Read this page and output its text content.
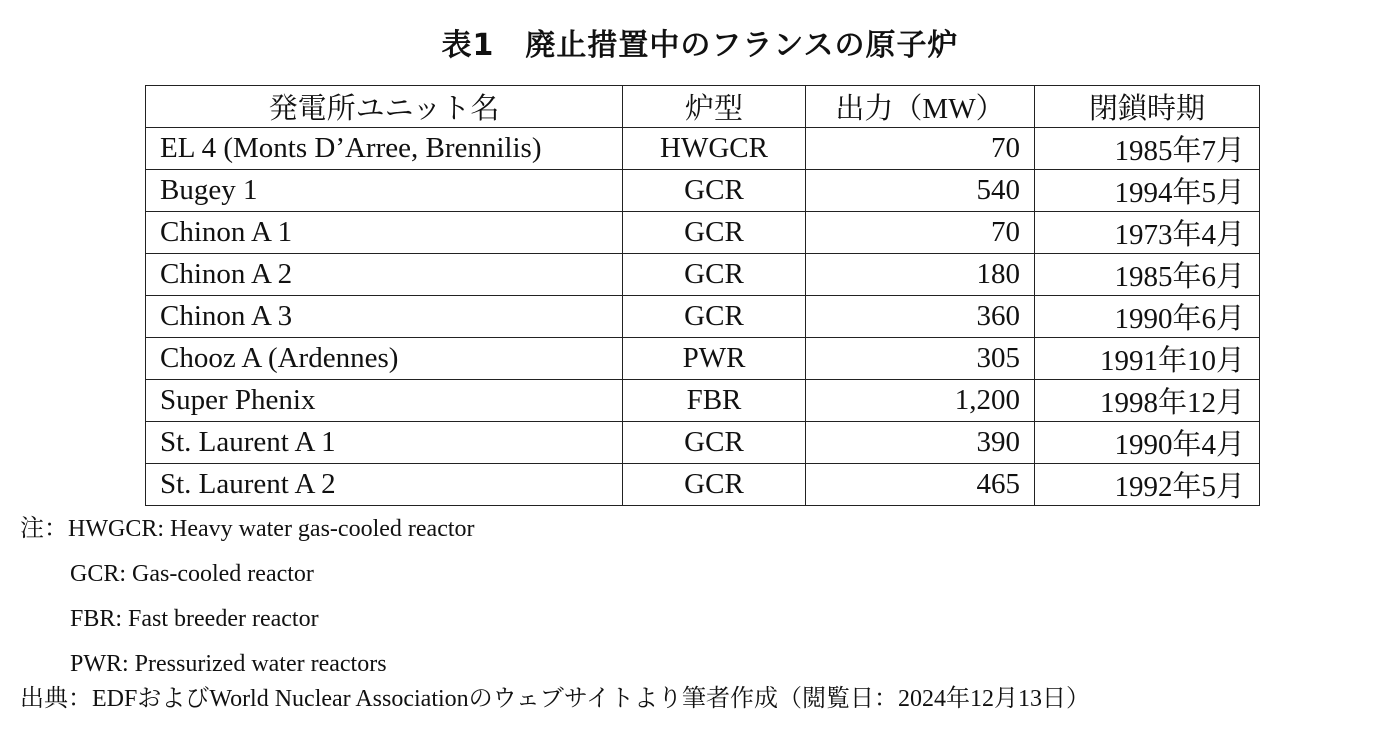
表1　廃止措置中のフランスの原子炉
発電所ユニット名	炉型	出力（MW）	閉鎖時期
EL 4 (Monts D’Arree, Brennilis)	HWGCR	70	1985年7月
Bugey 1	GCR	540	1994年5月
Chinon A 1	GCR	70	1973年4月
Chinon A 2	GCR	180	1985年6月
Chinon A 3	GCR	360	1990年6月
Chooz A (Ardennes)	PWR	305	1991年10月
Super Phenix	FBR	1,200	1998年12月
St. Laurent A 1	GCR	390	1990年4月
St. Laurent A 2	GCR	465	1992年5月
注：HWGCR: Heavy water gas-cooled reactor
GCR: Gas-cooled reactor
FBR: Fast breeder reactor
PWR: Pressurized water reactors
出典：EDFおよびWorld Nuclear Associationのウェブサイトより筆者作成（閲覧日：2024年12月13日）
